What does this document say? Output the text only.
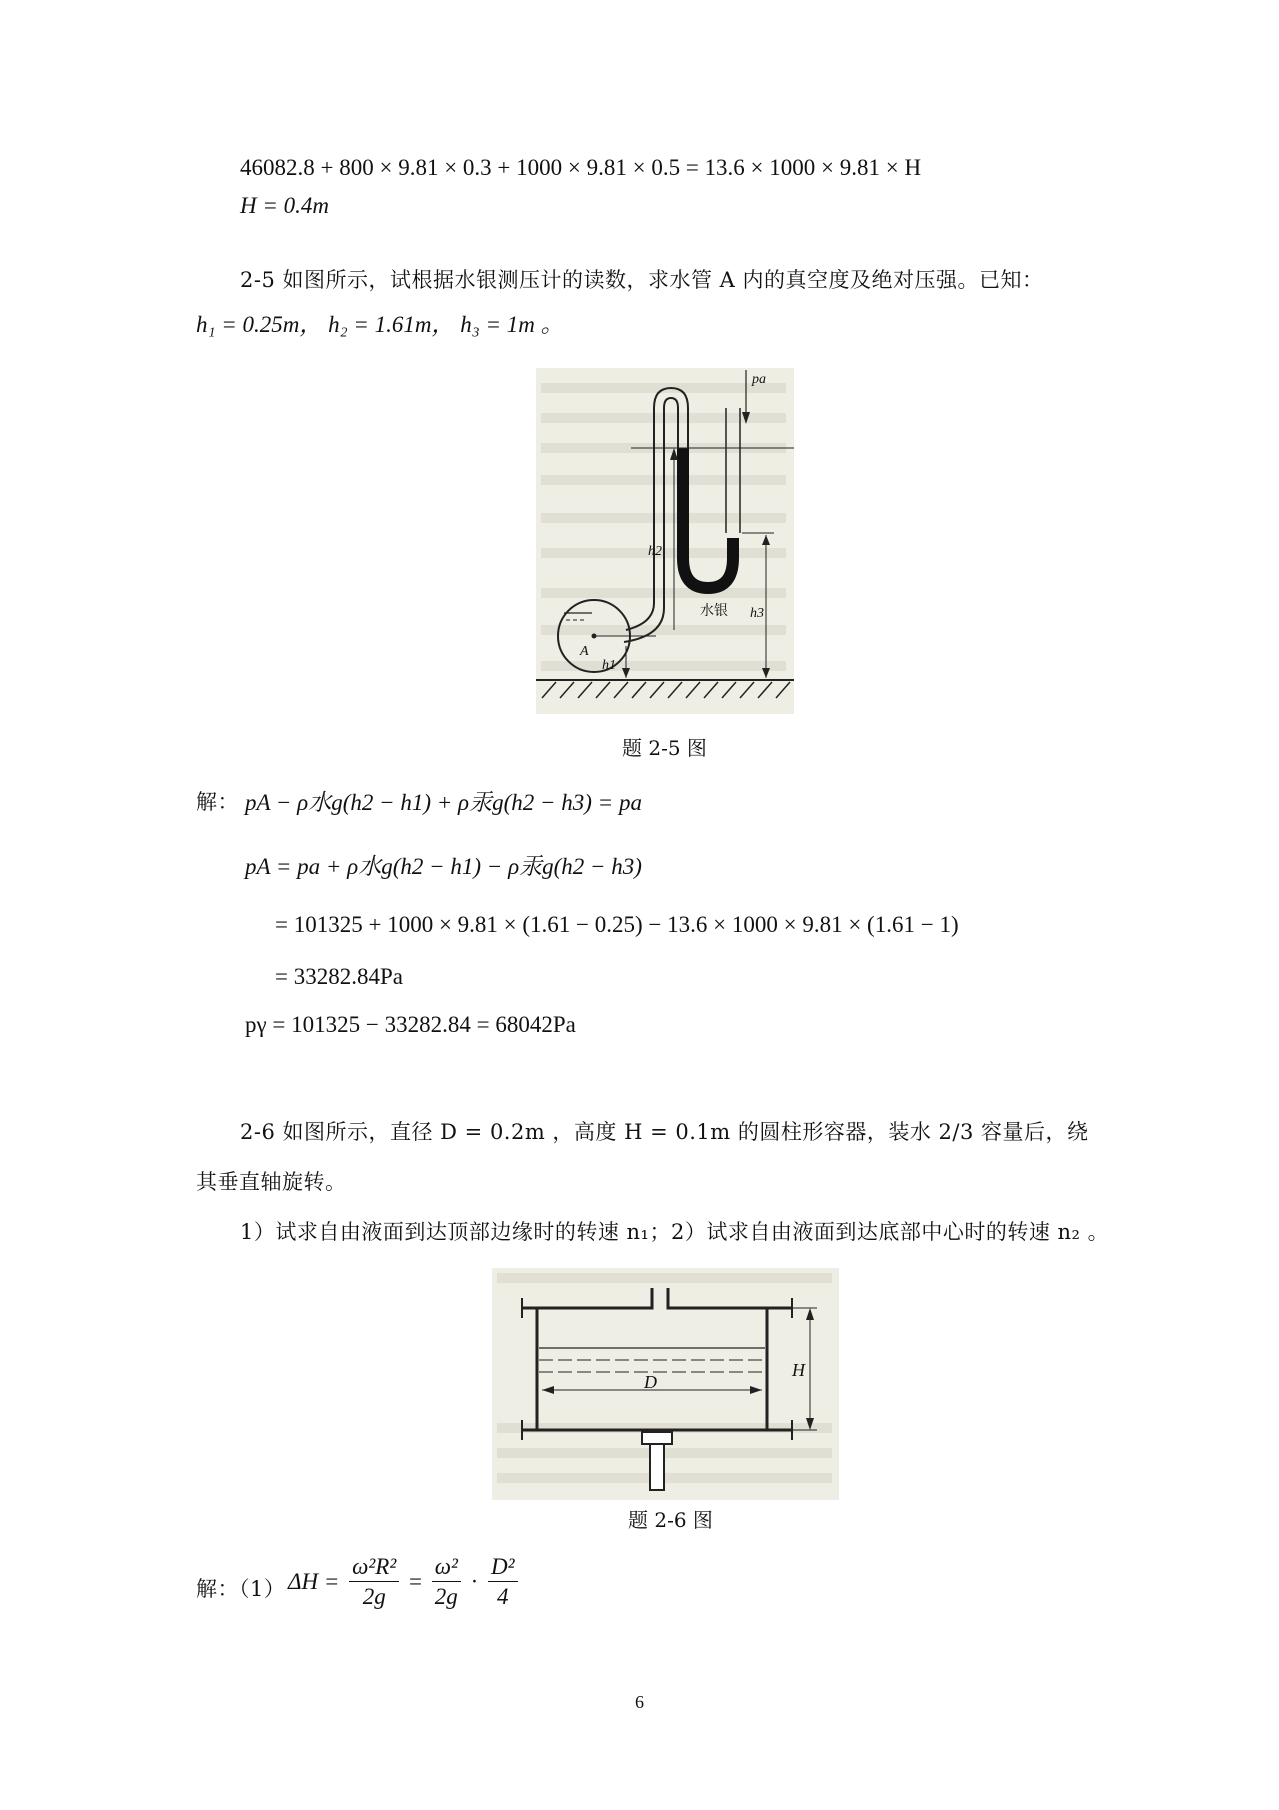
46082.8 + 800 × 9.81 × 0.3 + 1000 × 9.81 × 0.5 = 13.6 × 1000 × 9.81 × H
H = 0.4m
2-5 如图所示，试根据水银测压计的读数，求水管 A 内的真空度及绝对压强。已知：
h₁ = 0.25m， h₂ = 1.61m， h₃ = 1m 。
pa
水银
h2
h1
h3
A
题 2-5 图
解： pA − ρ水g(h2 − h1) + ρ汞g(h2 − h3) = pa
pA = pa + ρ水g(h2 − h1) − ρ汞g(h2 − h3)
= 101325 + 1000 × 9.81 × (1.61 − 0.25) − 13.6 × 1000 × 9.81 × (1.61 − 1)
= 33282.84Pa
pγ = 101325 − 33282.84 = 68042Pa
2-6 如图所示，直径 D = 0.2m ，高度 H = 0.1m 的圆柱形容器，装水 2/3 容量后，绕
其垂直轴旋转。
1）试求自由液面到达顶部边缘时的转速 n₁；2）试求自由液面到达底部中心时的转速 n₂ 。
D
H
题 2-6 图
解：（1） $\Delta H = \frac{\text{ω²R²}}{2g} = \frac{\text{ω²}}{2g} \cdot \frac{\text{D²}}{4}$
6
